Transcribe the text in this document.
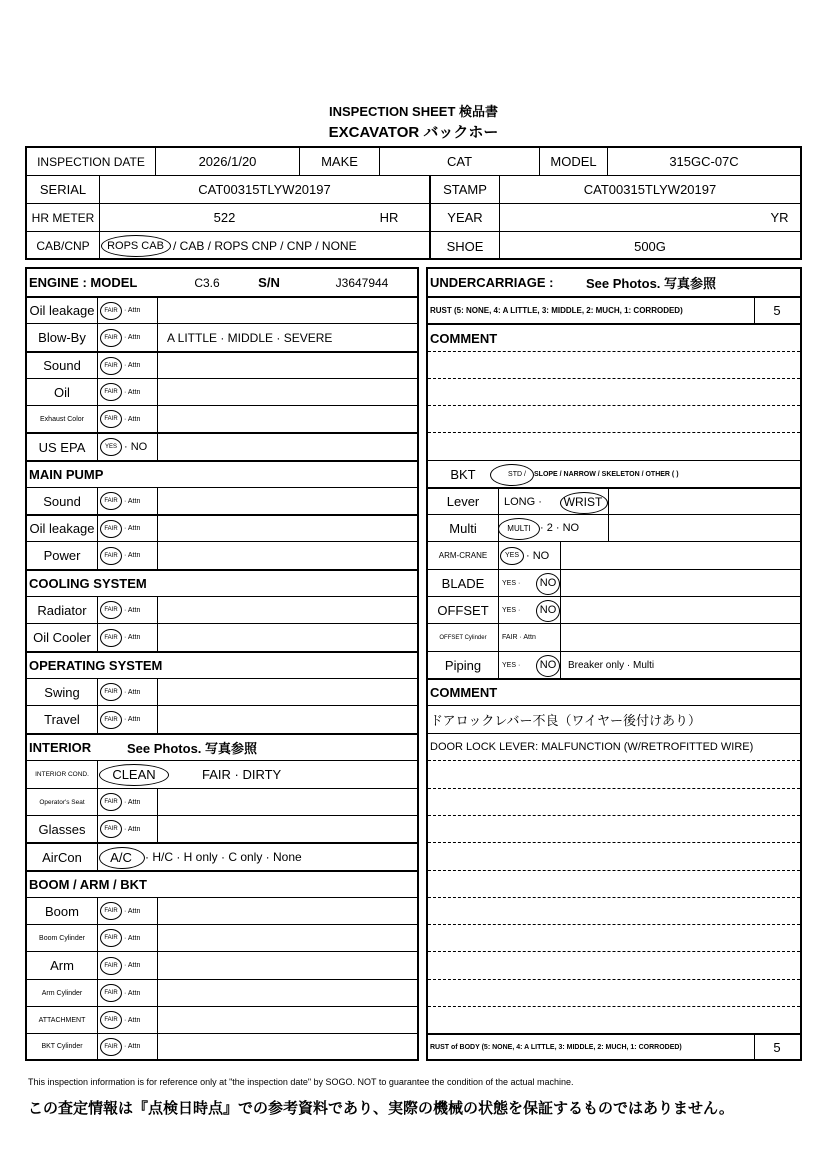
INSPECTION SHEET 検品書
EXCAVATOR バックホー
INSPECTION DATE	2026/1/20	MAKE	CAT	MODEL	315GC-07C
SERIAL	CAT00315TLYW20197	STAMP	CAT00315TLYW20197
HR METER	522	HR	YEAR	YR
CAB/CNP	ROPS CAB / CAB / ROPS CNP / CNP / NONE	SHOE	500G
ENGINE : MODEL	C3.6	S/N	J3647944
Oil leakage	FAIR · Attn
Blow-By	FAIR · Attn A LITTLE · MIDDLE · SEVERE
Sound	FAIR · Attn
Oil	FAIR · Attn
Exhaust Color	FAIR · Attn
US EPA	YES · NO
MAIN PUMP
Sound	FAIR · Attn
Oil leakage	FAIR · Attn
Power	FAIR · Attn
COOLING SYSTEM
Radiator	FAIR · Attn
Oil Cooler	FAIR · Attn
OPERATING SYSTEM
Swing	FAIR · Attn
Travel	FAIR · Attn
INTERIOR	See Photos. 写真参照
INTERIOR COND.	CLEAN	FAIR · DIRTY
Operator's Seat	FAIR · Attn
Glasses	FAIR · Attn
AirCon	A/C	· H/C · H only · C only · None
BOOM / ARM / BKT
Boom	FAIR · Attn
Boom Cylinder	FAIR · Attn
Arm	FAIR · Attn
Arm Cylinder	FAIR · Attn
ATTACHMENT	FAIR · Attn
BKT Cylinder	FAIR · Attn
UNDERCARRIAGE :	See Photos. 写真参照
RUST (5: NONE, 4: A LITTLE, 3: MIDDLE, 2: MUCH, 1: CORRODED)	5
COMMENT
BKT	STD /	SLOPE / NARROW / SKELETON / OTHER ( )
Lever	LONG ·	WRIST
Multi	MULTI · 2 · NO
ARM-CRANE	YES · NO
BLADE	YES ·	NO
OFFSET	YES ·	NO
OFFSET Cylinder	FAIR · Attn
Piping	YES ·	NO	Breaker only · Multi
COMMENT
ドアロックレバー不良（ワイヤー後付けあり）
DOOR LOCK LEVER: MALFUNCTION (W/RETROFITTED WIRE)
RUST of BODY (5: NONE, 4: A LITTLE, 3: MIDDLE, 2: MUCH, 1: CORRODED)	5
This inspection information is for reference only at "the inspection date" by SOGO. NOT to guarantee the condition of the actual machine.
この査定情報は『点検日時点』での参考資料であり、実際の機械の状態を保証するものではありません。
